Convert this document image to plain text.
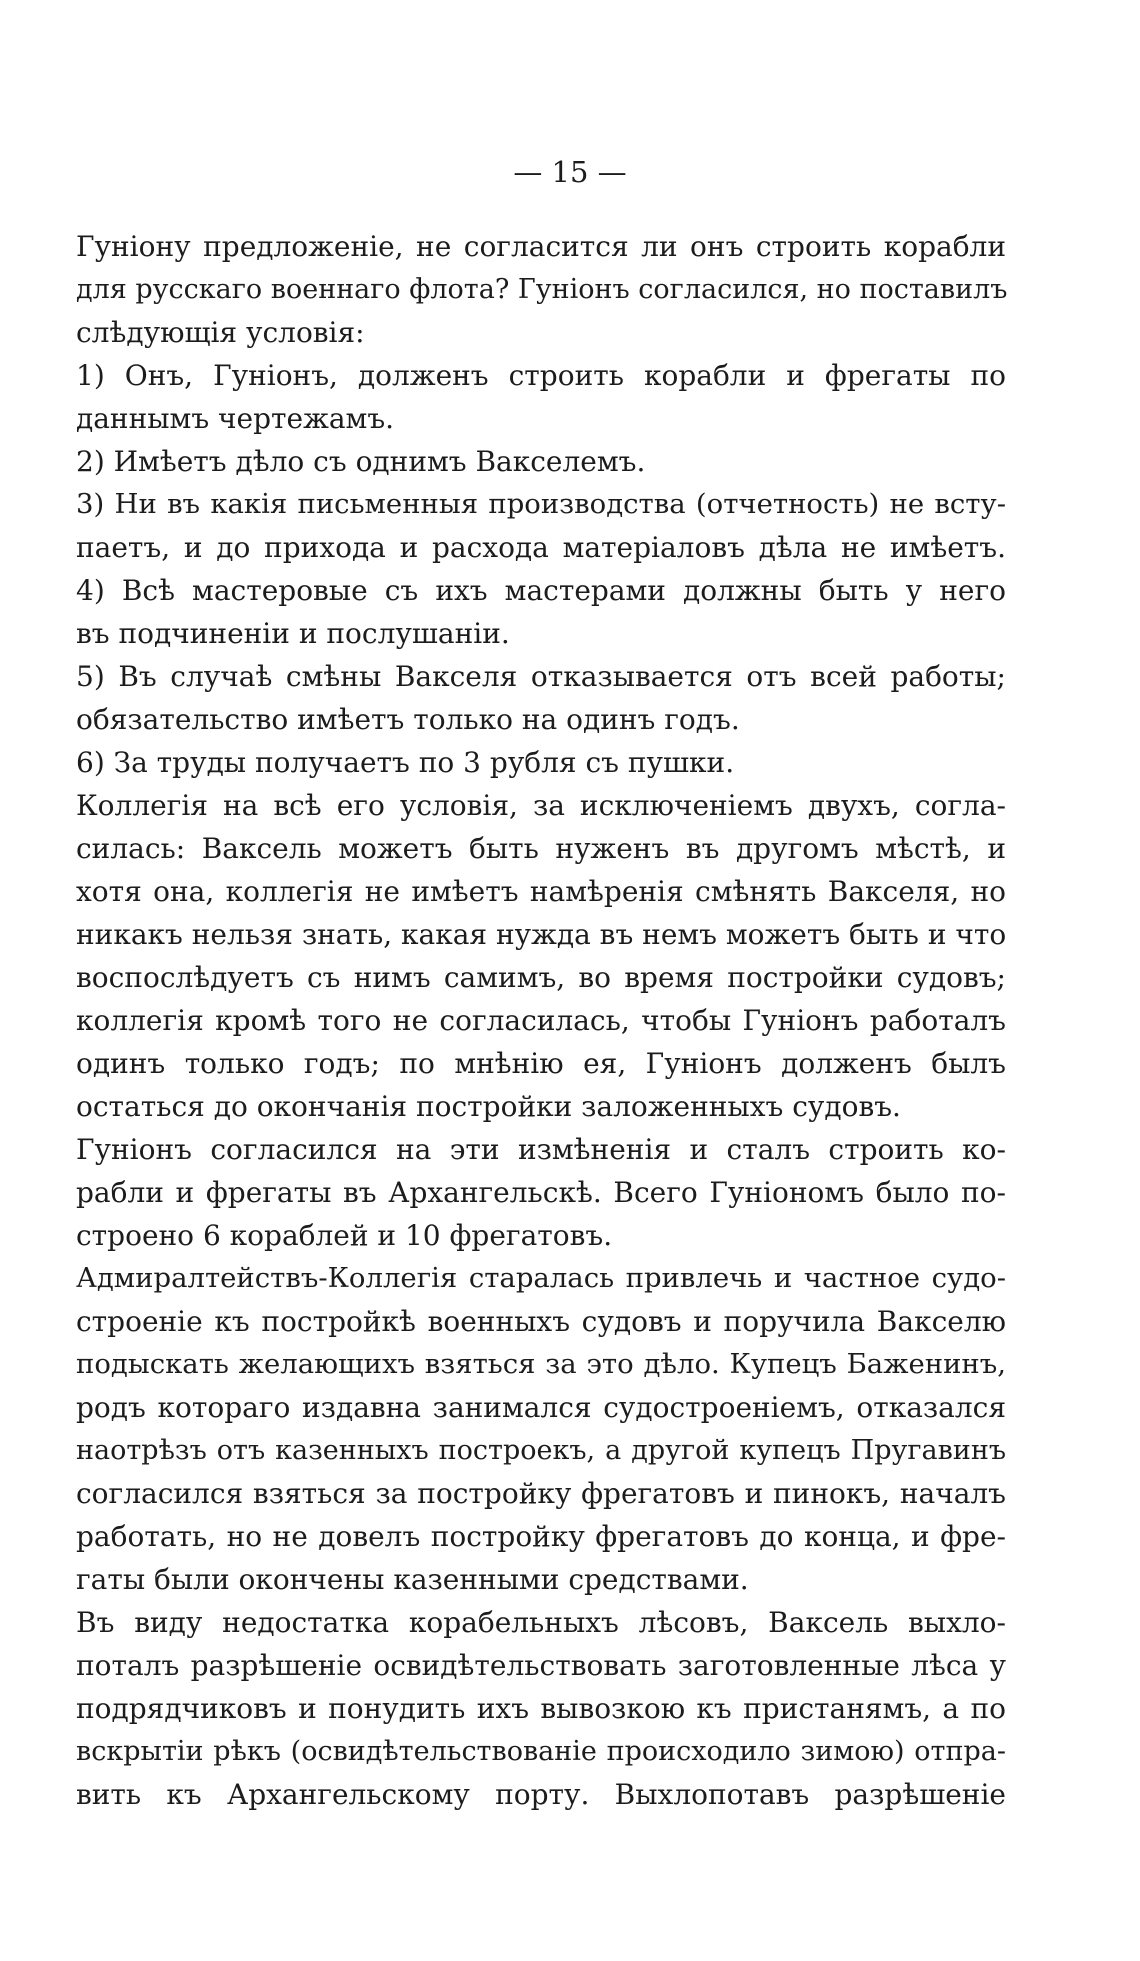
— 15 —
Гуніону предложеніе, не согласится ли онъ строить корабли
для русскаго военнаго флота? Гуніонъ согласился, но поставилъ
слѣдующія условія:
1) Онъ, Гуніонъ, долженъ строить корабли и фрегаты по
даннымъ чертежамъ.
2) Имѣетъ дѣло съ однимъ Вакселемъ.
3) Ни въ какія письменныя производства (отчетность) не всту-
паетъ, и до прихода и расхода матеріаловъ дѣла не имѣетъ.
4) Всѣ мастеровые съ ихъ мастерами должны быть у него
въ подчиненіи и послушаніи.
5) Въ случаѣ смѣны Вакселя отказывается отъ всей работы;
обязательство имѣетъ только на одинъ годъ.
6) За труды получаетъ по 3 рубля съ пушки.
Коллегія на всѣ его условія, за исключеніемъ двухъ, согла-
силась: Ваксель можетъ быть нуженъ въ другомъ мѣстѣ, и
хотя она, коллегія не имѣетъ намѣренія смѣнять Вакселя, но
никакъ нельзя знать, какая нужда въ немъ можетъ быть и что
воспослѣдуетъ съ нимъ самимъ, во время постройки судовъ;
коллегія кромѣ того не согласилась, чтобы Гуніонъ работалъ
одинъ только годъ; по мнѣнію ея, Гуніонъ долженъ былъ
остаться до окончанія постройки заложенныхъ судовъ.
Гуніонъ согласился на эти измѣненія и сталъ строить ко-
рабли и фрегаты въ Архангельскѣ. Всего Гуніономъ было по-
строено 6 кораблей и 10 фрегатовъ.
Адмиралтействъ-Коллегія старалась привлечь и частное судо-
строеніе къ постройкѣ военныхъ судовъ и поручила Вакселю
подыскать желающихъ взяться за это дѣло. Купецъ Баженинъ,
родъ котораго издавна занимался судостроеніемъ, отказался
наотрѣзъ отъ казенныхъ построекъ, а другой купецъ Пругавинъ
согласился взяться за постройку фрегатовъ и пинокъ, началъ
работать, но не довелъ постройку фрегатовъ до конца, и фре-
гаты были окончены казенными средствами.
Въ виду недостатка корабельныхъ лѣсовъ, Ваксель выхло-
поталъ разрѣшеніе освидѣтельствовать заготовленные лѣса у
подрядчиковъ и понудить ихъ вывозкою къ пристанямъ, а по
вскрытіи рѣкъ (освидѣтельствованіе происходило зимою) отпра-
вить къ Архангельскому порту. Выхлопотавъ разрѣшеніе
